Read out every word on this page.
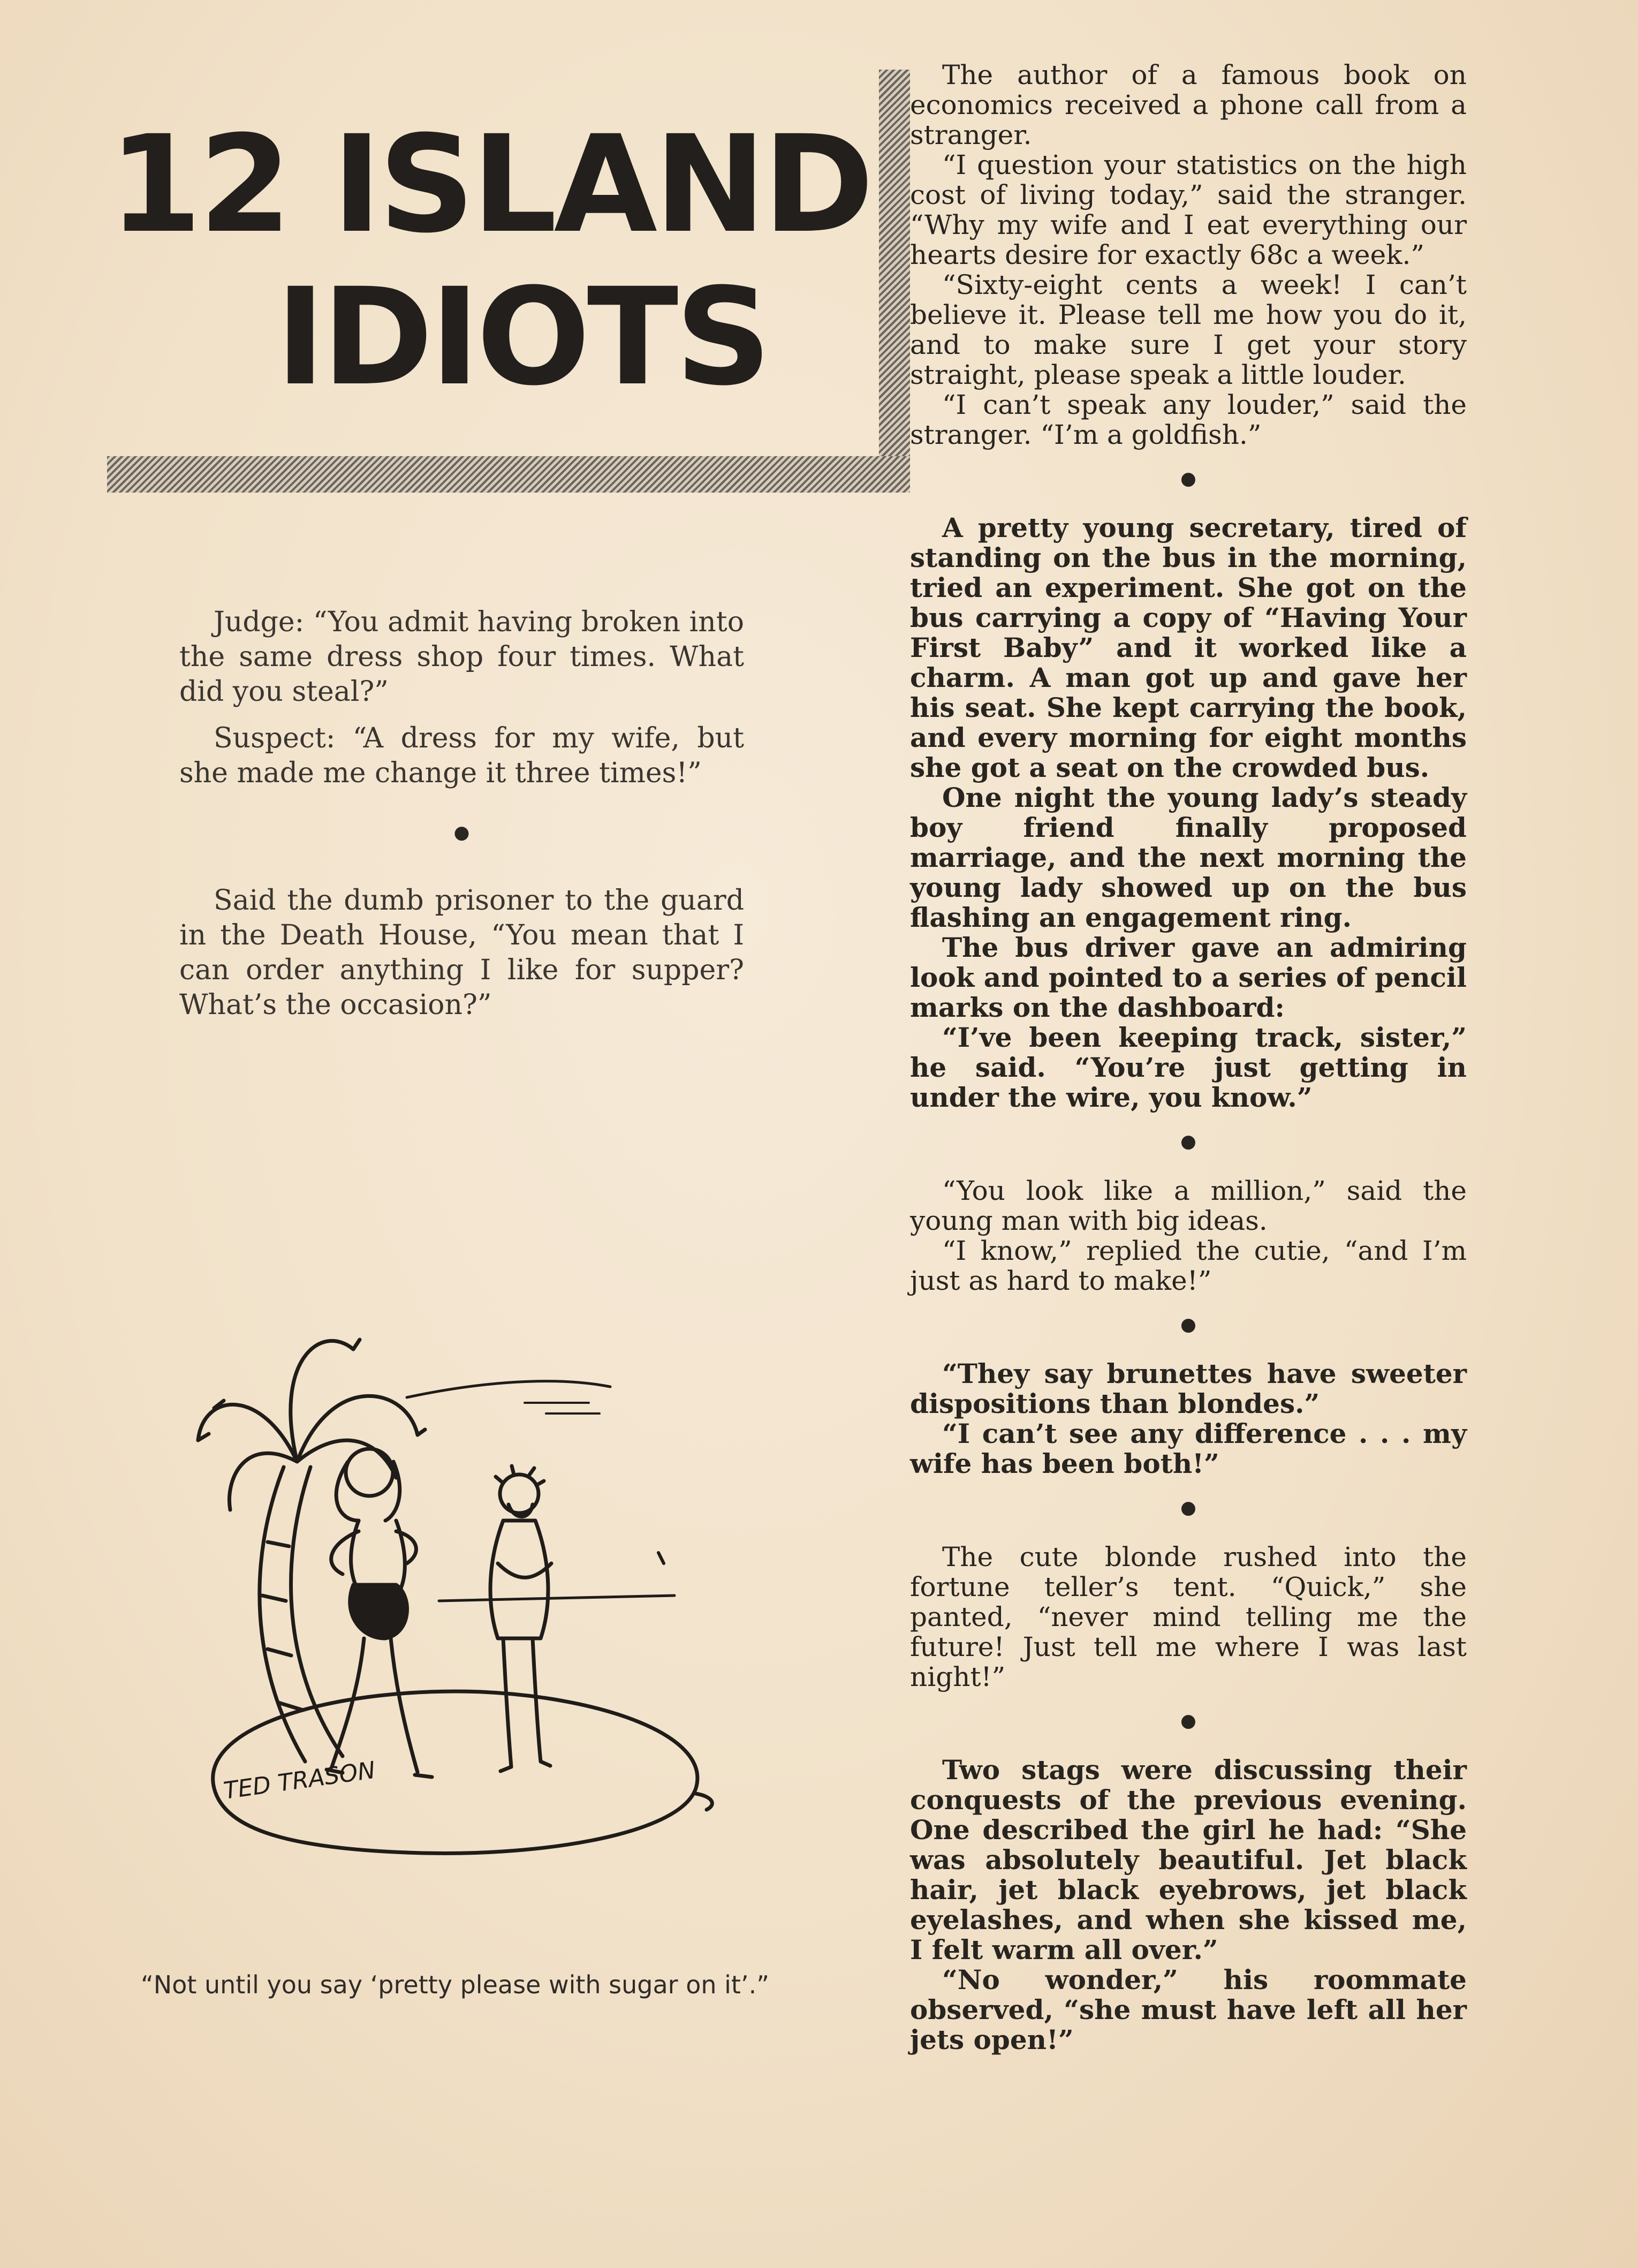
12 ISLAND
IDIOTS

Judge: “You admit having broken into the same dress shop four times. What did you steal?”

Suspect: “A dress for my wife, but she made me change it three times!”

●

Said the dumb prisoner to the guard in the Death House, “You mean that I can order anything I like for supper? What’s the occasion?”

TED TRASON
“Not until you say ‘pretty please with sugar on it’.”

The author of a famous book on economics received a phone call from a stranger.

“I question your statistics on the high cost of living today,” said the stranger. “Why my wife and I eat everything our hearts desire for exactly 68c a week.”

“Sixty-eight cents a week! I can’t believe it. Please tell me how you do it, and to make sure I get your story straight, please speak a little louder.

“I can’t speak any louder,” said the stranger. “I’m a goldfish.”

●

A pretty young secretary, tired of standing on the bus in the morning, tried an experiment. She got on the bus carrying a copy of “Having Your First Baby” and it worked like a charm. A man got up and gave her his seat. She kept carrying the book, and every morning for eight months she got a seat on the crowded bus.

One night the young lady’s steady boy friend finally proposed marriage, and the next morning the young lady showed up on the bus flashing an engagement ring.

The bus driver gave an admiring look and pointed to a series of pencil marks on the dashboard:

“I’ve been keeping track, sister,” he said. “You’re just getting in under the wire, you know.”

●

“You look like a million,” said the young man with big ideas.

“I know,” replied the cutie, “and I’m just as hard to make!”

●

“They say brunettes have sweeter dispositions than blondes.”

“I can’t see any difference . . . my wife has been both!”

●

The cute blonde rushed into the fortune teller’s tent. “Quick,” she panted, “never mind telling me the future! Just tell me where I was last night!”

●

Two stags were discussing their conquests of the previous evening. One described the girl he had: “She was absolutely beautiful. Jet black hair, jet black eyebrows, jet black eyelashes, and when she kissed me, I felt warm all over.”

“No wonder,” his roommate observed, “she must have left all her jets open!”
